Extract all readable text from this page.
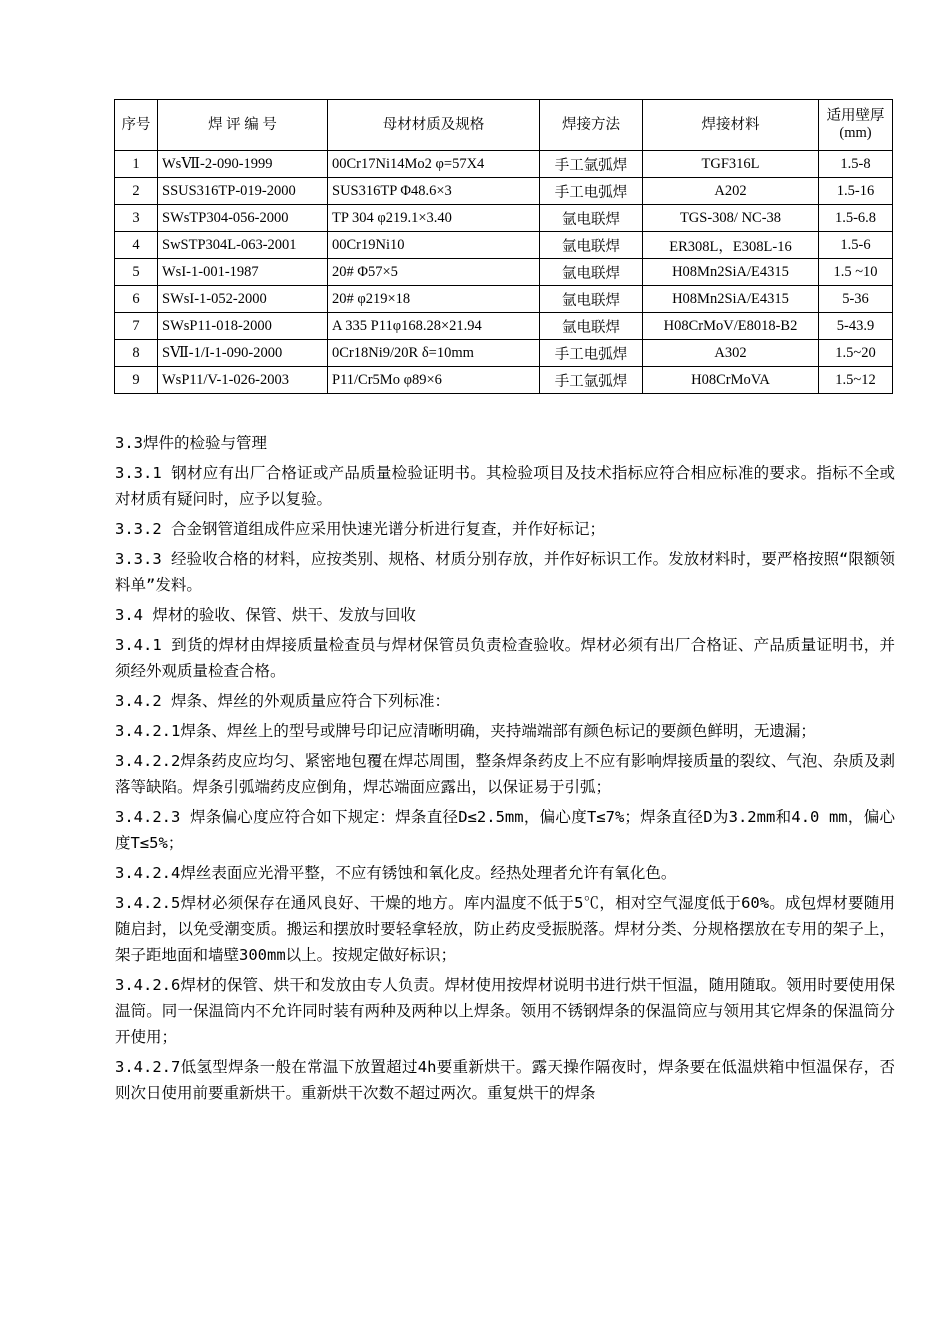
序号	焊 评 编 号	母材材质及规格	焊接方法	焊接材料	适用壁厚(mm)
1	WsⅦ-2-090-1999	00Cr17Ni14Mo2 φ=57X4	手工氩弧焊	TGF316L	1.5-8
2	SSUS316TP-019-2000	SUS316TP Φ48.6×3	手工电弧焊	A202	1.5-16
3	SWsTP304-056-2000	TP 304 φ219.1×3.40	氩电联焊	TGS-308/ NC-38	1.5-6.8
4	SwSTP304L-063-2001	00Cr19Ni10	氩电联焊	ER308L，E308L-16	1.5-6
5	WsI-1-001-1987	20# Φ57×5	氩电联焊	H08Mn2SiA/E4315	1.5 ~10
6	SWsI-1-052-2000	20# φ219×18	氩电联焊	H08Mn2SiA/E4315	5-36
7	SWsP11-018-2000	A 335 P11φ168.28×21.94	氩电联焊	H08CrMoV/E8018-B2	5-43.9
8	SⅦ-1/I-1-090-2000	0Cr18Ni9/20R δ=10mm	手工电弧焊	A302	1.5~20
9	WsP11/V-1-026-2003	P11/Cr5Mo φ89×6	手工氩弧焊	H08CrMoVA	1.5~12

3.3焊件的检验与管理

3.3.1 钢材应有出厂合格证或产品质量检验证明书。其检验项目及技术指标应符合相应标准的要求。指标不全或对材质有疑问时，应予以复验。

3.3.2 合金钢管道组成件应采用快速光谱分析进行复查，并作好标记；

3.3.3 经验收合格的材料，应按类别、规格、材质分别存放，并作好标识工作。发放材料时，要严格按照“限额领料单”发料。

3.4 焊材的验收、保管、烘干、发放与回收

3.4.1 到货的焊材由焊接质量检查员与焊材保管员负责检查验收。焊材必须有出厂合格证、产品质量证明书，并须经外观质量检查合格。

3.4.2 焊条、焊丝的外观质量应符合下列标准：

3.4.2.1焊条、焊丝上的型号或牌号印记应清晰明确，夹持端端部有颜色标记的要颜色鲜明，无遗漏；

3.4.2.2焊条药皮应均匀、紧密地包覆在焊芯周围，整条焊条药皮上不应有影响焊接质量的裂纹、气泡、杂质及剥落等缺陷。焊条引弧端药皮应倒角，焊芯端面应露出，以保证易于引弧；

3.4.2.3 焊条偏心度应符合如下规定：焊条直径D≤2.5mm，偏心度T≤7%；焊条直径D为3.2mm和4.0 mm，偏心度T≤5%；

3.4.2.4焊丝表面应光滑平整，不应有锈蚀和氧化皮。经热处理者允许有氧化色。

3.4.2.5焊材必须保存在通风良好、干燥的地方。库内温度不低于5℃，相对空气湿度低于60%。成包焊材要随用随启封，以免受潮变质。搬运和摆放时要轻拿轻放，防止药皮受振脱落。焊材分类、分规格摆放在专用的架子上，架子距地面和墙壁300mm以上。按规定做好标识；

3.4.2.6焊材的保管、烘干和发放由专人负责。焊材使用按焊材说明书进行烘干恒温，随用随取。领用时要使用保温筒。同一保温筒内不允许同时装有两种及两种以上焊条。领用不锈钢焊条的保温筒应与领用其它焊条的保温筒分开使用；

3.4.2.7低氢型焊条一般在常温下放置超过4h要重新烘干。露天操作隔夜时，焊条要在低温烘箱中恒温保存，否则次日使用前要重新烘干。重新烘干次数不超过两次。重复烘干的焊条
